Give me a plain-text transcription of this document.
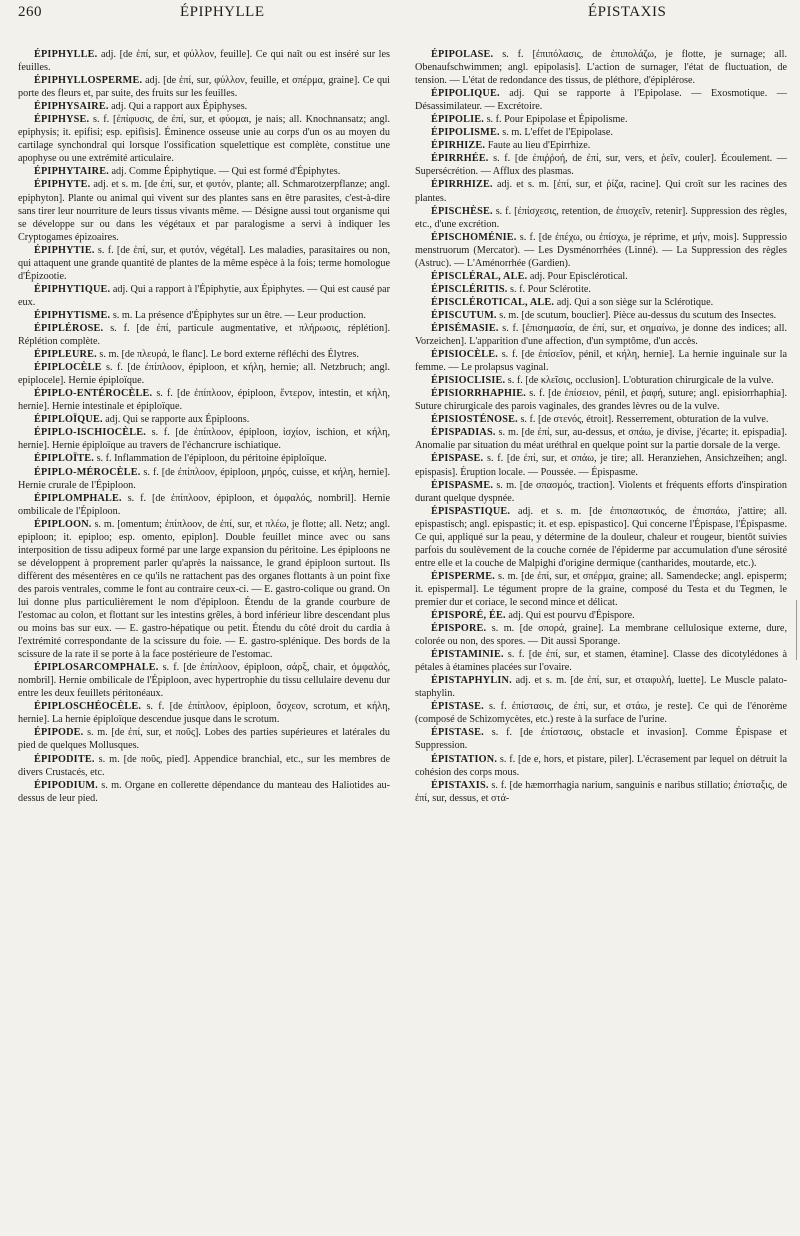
260	ÉPIPHYLLE	ÉPISTAXIS

ÉPIPHYLLE. adj. [de ἐπί, sur, et φύλλον, feuille]. Ce qui naît ou est inséré sur les feuilles.

ÉPIPHYLLOSPERME. adj. [de ἐπί, sur, φύλλον, feuille, et σπέρμα, graine]. Ce qui porte des fleurs et, par suite, des fruits sur les feuilles.

ÉPIPHYSAIRE. adj. Qui a rapport aux Épiphyses.

ÉPIPHYSE. s. f. [ἐπίφυσις, de ἐπί, sur, et φύομαι, je nais; all. Knochnansatz; angl. epiphysis; it. epifisi; esp. epifisis]. Éminence osseuse unie au corps d'un os au moyen du cartilage synchondral qui lorsque l'ossification squelettique est complète, constitue une apophyse ou une extrémité articulaire.

ÉPIPHYTAIRE. adj. Comme Épiphytique. — Qui est formé d'Épiphytes.

ÉPIPHYTE. adj. et s. m. [de ἐπί, sur, et φυτόν, plante; all. Schmarotzerpflanze; angl. epiphyton]. Plante ou animal qui vivent sur des plantes sans en être parasites, c'est-à-dire sans tirer leur nourriture de leurs tissus vivants même. — Désigne aussi tout organisme qui se développe sur ou dans les végétaux et par paralogisme a servi à indiquer les Cryptogames épizoaires.

ÉPIPHYTIE. s. f. [de ἐπί, sur, et φυτόν, végétal]. Les maladies, parasitaires ou non, qui attaquent une grande quantité de plantes de la même espèce à la fois; terme homologue d'Épizootie.

ÉPIPHYTIQUE. adj. Qui a rapport à l'Épiphytie, aux Épiphytes. — Qui est causé par eux.

ÉPIPHYTISME. s. m. La présence d'Épiphytes sur un être. — Leur production.

ÉPIPLÉROSE. s. f. [de ἐπί, particule augmentative, et πλήρωσις, réplétion]. Réplétion complète.

ÉPIPLEURE. s. m. [de πλευρά, le flanc]. Le bord externe réfléchi des Élytres.

ÉPIPLOCÈLE s. f. [de ἐπίπλοον, épiploon, et κήλη, hernie; all. Netzbruch; angl. epiplocele]. Hernie épiploïque.

ÉPIPLO-ENTÉROCÈLE. s. f. [de ἐπίπλοον, épiploon, ἔντερον, intestin, et κήλη, hernie]. Hernie intestinale et épiploïque.

ÉPIPLOÏQUE. adj. Qui se rapporte aux Épiploons.

ÉPIPLO-ISCHIOCÈLE. s. f. [de ἐπίπλοον, épiploon, ἰσχίον, ischion, et κήλη, hernie]. Hernie épiploïque au travers de l'échancrure ischiatique.

ÉPIPLOÏTE. s. f. Inflammation de l'épiploon, du péritoine épiploïque.

ÉPIPLO-MÉROCÈLE. s. f. [de ἐπίπλοον, épiploon, μηρός, cuisse, et κήλη, hernie]. Hernie crurale de l'Épiploon.

ÉPIPLOMPHALE. s. f. [de ἐπίπλοον, épiploon, et ὀμφαλός, nombril]. Hernie ombilicale de l'Épiploon.

ÉPIPLOON. s. m. [omentum; ἐπίπλοον, de ἐπί, sur, et πλέω, je flotte; all. Netz; angl. epiploon; it. epiploo; esp. omento, epiplon]. Double feuillet mince avec ou sans interposition de tissu adipeux formé par une large expansion du péritoine. Les épiploons ne se développent à proprement parler qu'après la naissance, le grand épiploon surtout. Ils diffèrent des mésentères en ce qu'ils ne rattachent pas des organes flottants à un point fixe des parois ventrales, comme le font au contraire ceux-ci. — E. gastro-colique ou grand. On lui donne plus particulièrement le nom d'épiploon. Étendu de la grande courbure de l'estomac au colon, et flottant sur les intestins grêles, à bord inférieur libre descendant plus ou moins bas sur eux. — E. gastro-hépatique ou petit. Étendu du côté droit du cardia à l'extrémité correspondante de la scissure du foie. — E. gastro-splénique. Des bords de la scissure de la rate il se porte à la face postérieure de l'estomac.

ÉPIPLOSARCOMPHALE. s. f. [de ἐπίπλοον, épiploon, σάρξ, chair, et ὀμφαλός, nombril]. Hernie ombilicale de l'Épiploon, avec hypertrophie du tissu cellulaire devenu dur entre les deux feuillets péritonéaux.

ÉPIPLOSCHÉOCÈLE. s. f. [de ἐπίπλοον, épiploon, ὄσχεον, scrotum, et κήλη, hernie]. La hernie épiploïque descendue jusque dans le scrotum.

ÉPIPODE. s. m. [de ἐπί, sur, et ποῦς]. Lobes des parties supérieures et latérales du pied de quelques Mollusques.

ÉPIPODITE. s. m. [de ποῦς, pied]. Appendice branchial, etc., sur les membres de divers Crustacés, etc.

ÉPIPODIUM. s. m. Organe en collerette dépendance du manteau des Haliotides au-dessus de leur pied.

ÉPIPOLASE. s. f. [ἐπιπόλασις, de ἐπιπολάζω, je flotte, je surnage; all. Obenaufschwimmen; angl. epipolasis]. L'action de surnager, l'état de fluctuation, de tension. — L'état de redondance des tissus, de pléthore, d'épiplérose.

ÉPIPOLIQUE. adj. Qui se rapporte à l'Epipolase. — Exosmotique. — Désassimilateur. — Excrétoire.

ÉPIPOLIE. s. f. Pour Epipolase et Épipolisme.

ÉPIPOLISME. s. m. L'effet de l'Epipolase.

ÉPIRHIZE. Faute au lieu d'Epirrhize.

ÉPIRRHÉE. s. f. [de ἐπιῤῥοή, de ἐπί, sur, vers, et ῥεῖν, couler]. Écoulement. — Supersécrétion. — Afflux des plasmas.

ÉPIRRHIZE. adj. et s. m. [ἐπί, sur, et ῥίζα, racine]. Qui croît sur les racines des plantes.

ÉPISCHÈSE. s. f. [ἐπίσχεσις, retention, de ἐπισχεῖν, retenir]. Suppression des règles, etc., d'une excrétion.

ÉPISCHOMÉNIE. s. f. [de ἐπέχω, ou ἐπίσχω, je réprime, et μήν, mois]. Suppressio menstruorum (Mercator). — Les Dysménorrhées (Linné). — La Suppression des règles (Astruc). — L'Aménorrhée (Gardien).

ÉPISCLÉRAL, ALE. adj. Pour Episclérotical.

ÉPISCLÉRITIS. s. f. Pour Sclérotite.

ÉPISCLÉROTICAL, ALE. adj. Qui a son siège sur la Sclérotique.

ÉPISCUTUM. s. m. [de scutum, bouclier]. Pièce au-dessus du scutum des Insectes.

ÉPISÉMASIE. s. f. [ἐπισημασία, de ἐπί, sur, et σημαίνω, je donne des indices; all. Vorzeichen]. L'apparition d'une affection, d'un symptôme, d'un accès.

ÉPISIOCÈLE. s. f. [de ἐπίσεῖον, pénil, et κήλη, hernie]. La hernie inguinale sur la femme. — Le prolapsus vaginal.

ÉPISIOCLISIE. s. f. [de κλεῖσις, occlusion]. L'obturation chirurgicale de la vulve.

ÉPISIORRHAPHIE. s. f. [de ἐπίσειον, pénil, et ῥαφή, suture; angl. episiorrhaphia]. Suture chirurgicale des parois vaginales, des grandes lèvres ou de la vulve.

ÉPISIOSTÉNOSE. s. f. [de στενός, étroit]. Resserrement, obturation de la vulve.

ÉPISPADIAS. s. m. [de ἐπί, sur, au-dessus, et σπάω, je divise, j'écarte; it. epispadia]. Anomalie par situation du méat uréthral en quelque point sur la partie dorsale de la verge.

ÉPISPASE. s. f. [de ἐπί, sur, et σπάω, je tire; all. Heranziehen, Ansichzeihen; angl. epispasis]. Éruption locale. — Poussée. — Épispasme.

ÉPISPASME. s. m. [de σπασμός, traction]. Violents et fréquents efforts d'inspiration durant quelque dyspnée.

ÉPISPASTIQUE. adj. et s. m. [de ἐπισπαστικός, de ἐπισπάω, j'attire; all. epispastisch; angl. epispastic; it. et esp. epispastico]. Qui concerne l'Épispase, l'Épispasme. Ce qui, appliqué sur la peau, y détermine de la douleur, chaleur et rougeur, bientôt suivies parfois du soulèvement de la couche cornée de l'épiderme par accumulation d'une sérosité entre elle et la couche de Malpighi d'origine dermique (cantharides, moutarde, etc.).

ÉPISPERME. s. m. [de ἐπί, sur, et σπέρμα, graine; all. Samendecke; angl. episperm; it. epispermal]. Le tégument propre de la graine, composé du Testa et du Tegmen, le premier dur et coriace, le second mince et délicat.

ÉPISPORÉ, ÉE. adj. Qui est pourvu d'Épispore.

ÉPISPORE. s. m. [de σπορά, graine]. La membrane cellulosique externe, dure, colorée ou non, des spores. — Dit aussi Sporange.

ÉPISTAMINIE. s. f. [de ἐπί, sur, et stamen, étamine]. Classe des dicotylédones à pétales à étamines placées sur l'ovaire.

ÉPISTAPHYLIN. adj. et s. m. [de ἐπί, sur, et σταφυλή, luette]. Le Muscle palato-staphylin.

ÉPISTASE. s. f. ἐπίστασις, de ἐπί, sur, et στάω, je reste]. Ce qui de l'énorème (composé de Schizomycètes, etc.) reste à la surface de l'urine.

ÉPISTASE. s. f. [de ἐπίστασις, obstacle et invasion]. Comme Épispase et Suppression.

ÉPISTATION. s. f. [de e, hors, et pistare, piler]. L'écrasement par lequel on détruit la cohésion des corps mous.

ÉPISTAXIS. s. f. [de hæmorrhagia narium, sanguinis e naribus stillatio; ἐπίσταξις, de ἐπί, sur, dessus, et στά-
